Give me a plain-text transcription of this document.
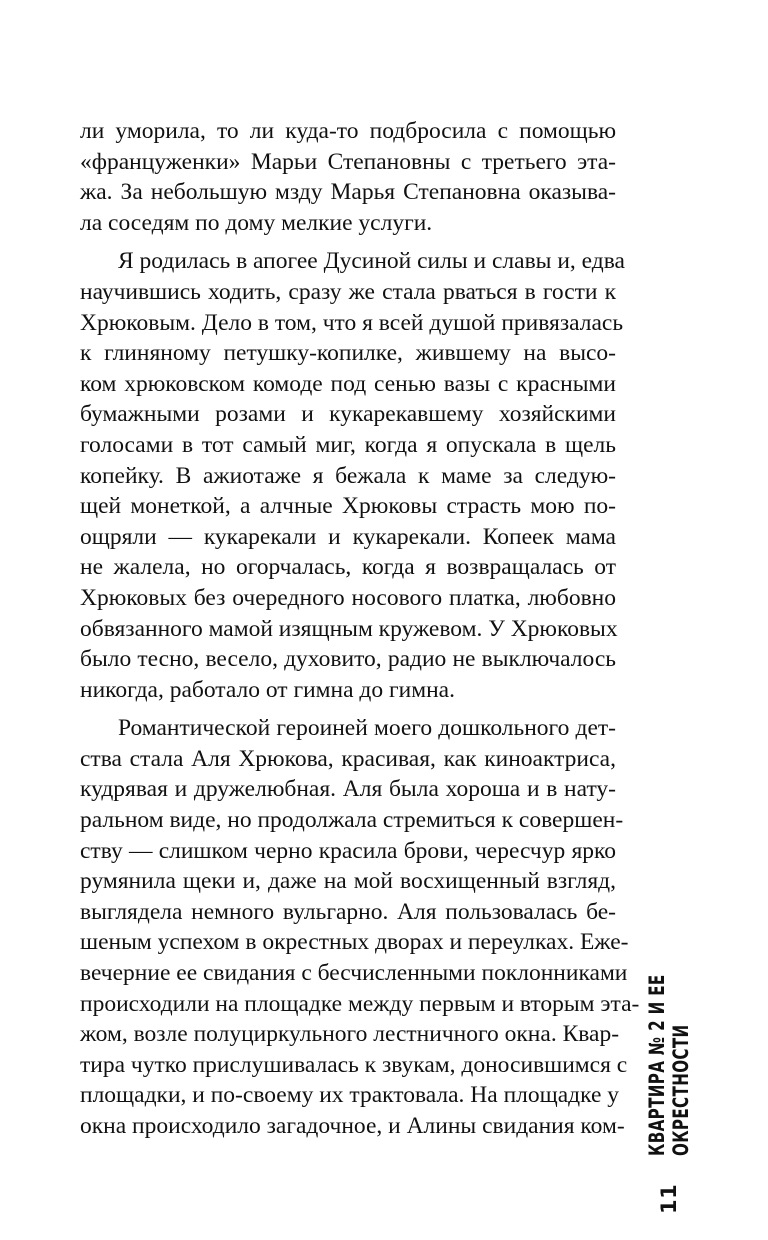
ли уморила, то ли куда-то подбросила с помощью
«француженки» Марьи Степановны с третьего эта-
жа. За небольшую мзду Марья Степановна оказыва-
ла соседям по дому мелкие услуги.
Я родилась в апогее Дусиной силы и славы и, едва
научившись ходить, сразу же стала рваться в гости к
Хрюковым. Дело в том, что я всей душой привязалась
к глиняному петушку-копилке, жившему на высо-
ком хрюковском комоде под сенью вазы с красными
бумажными розами и кукарекавшему хозяйскими
голосами в тот самый миг, когда я опускала в щель
копейку. В ажиотаже я бежала к маме за следую-
щей монеткой, а алчные Хрюковы страсть мою по-
ощряли — кукарекали и кукарекали. Копеек мама
не жалела, но огорчалась, когда я возвращалась от
Хрюковых без очередного носового платка, любовно
обвязанного мамой изящным кружевом. У Хрюковых
было тесно, весело, духовито, радио не выключалось
никогда, работало от гимна до гимна.
Романтической героиней моего дошкольного дет-
ства стала Аля Хрюкова, красивая, как киноактриса,
кудрявая и дружелюбная. Аля была хороша и в нату-
ральном виде, но продолжала стремиться к совершен-
ству — слишком черно красила брови, чересчур ярко
румянила щеки и, даже на мой восхищенный взгляд,
выглядела немного вульгарно. Аля пользовалась бе-
шеным успехом в окрестных дворах и переулках. Еже-
вечерние ее свидания с бесчисленными поклонниками
происходили на площадке между первым и вторым эта-
жом, возле полуциркульного лестничного окна. Квар-
тира чутко прислушивалась к звукам, доносившимся с
площадки, и по-своему их трактовала. На площадке у
окна происходило загадочное, и Алины свидания ком-
11
КВАРТИРА № 2 И ЕЕ ОКРЕСТНОСТИ
